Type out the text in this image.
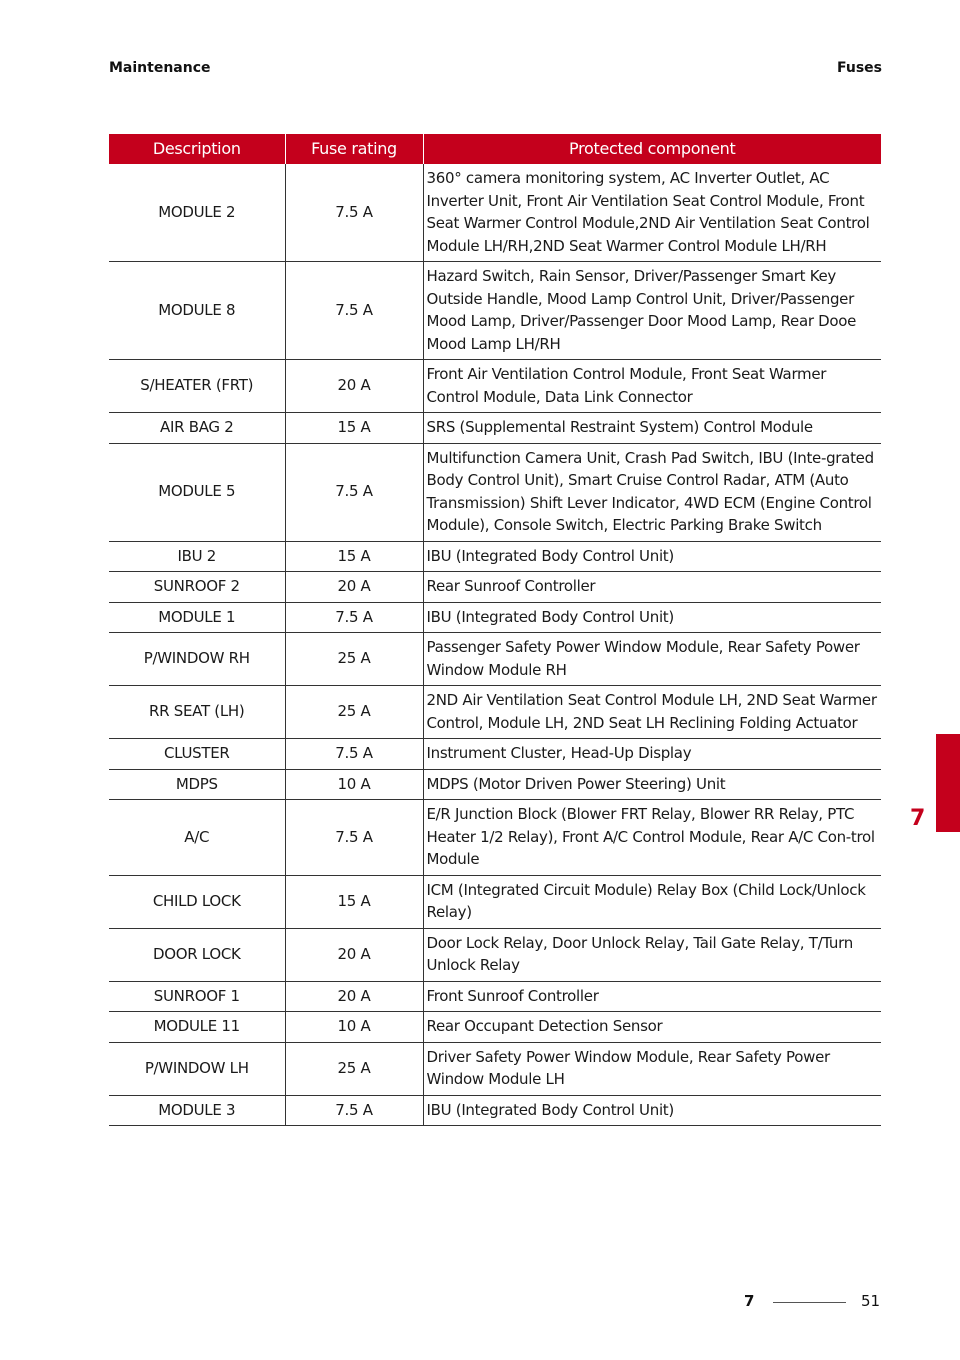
Maintenance	Fuses
Description	Fuse rating	Protected component
MODULE 2	7.5 A	360° camera monitoring system, AC Inverter Outlet, AC Inverter Unit, Front Air Ventilation Seat Control Module, Front Seat Warmer Control Module,2ND Air Ventilation Seat Control Module LH/RH,2ND Seat Warmer Control Module LH/RH
MODULE 8	7.5 A	Hazard Switch, Rain Sensor, Driver/Passenger Smart Key Outside Handle, Mood Lamp Control Unit, Driver/Passenger Mood Lamp, Driver/Passenger Door Mood Lamp, Rear Dooe Mood Lamp LH/RH
S/HEATER (FRT)	20 A	Front Air Ventilation Control Module, Front Seat Warmer Control Module, Data Link Connector
AIR BAG 2	15 A	SRS (Supplemental Restraint System) Control Module
MODULE 5	7.5 A	Multifunction Camera Unit, Crash Pad Switch, IBU (Inte-grated Body Control Unit), Smart Cruise Control Radar, ATM (Auto Transmission) Shift Lever Indicator, 4WD ECM (Engine Control Module), Console Switch, Electric Parking Brake Switch
IBU 2	15 A	IBU (Integrated Body Control Unit)
SUNROOF 2	20 A	Rear Sunroof Controller
MODULE 1	7.5 A	IBU (Integrated Body Control Unit)
P/WINDOW RH	25 A	Passenger Safety Power Window Module, Rear Safety Power Window Module RH
RR SEAT (LH)	25 A	2ND Air Ventilation Seat Control Module LH, 2ND Seat Warmer Control, Module LH, 2ND Seat LH Reclining Folding Actuator
CLUSTER	7.5 A	Instrument Cluster, Head-Up Display
MDPS	10 A	MDPS (Motor Driven Power Steering) Unit
A/C	7.5 A	E/R Junction Block (Blower FRT Relay, Blower RR Relay, PTC Heater 1/2 Relay), Front A/C Control Module, Rear A/C Con-trol Module
CHILD LOCK	15 A	ICM (Integrated Circuit Module) Relay Box (Child Lock/Unlock Relay)
DOOR LOCK	20 A	Door Lock Relay, Door Unlock Relay, Tail Gate Relay, T/Turn Unlock Relay
SUNROOF 1	20 A	Front Sunroof Controller
MODULE 11	10 A	Rear Occupant Detection Sensor
P/WINDOW LH	25 A	Driver Safety Power Window Module, Rear Safety Power Window Module LH
MODULE 3	7.5 A	IBU (Integrated Body Control Unit)
7
7	51
